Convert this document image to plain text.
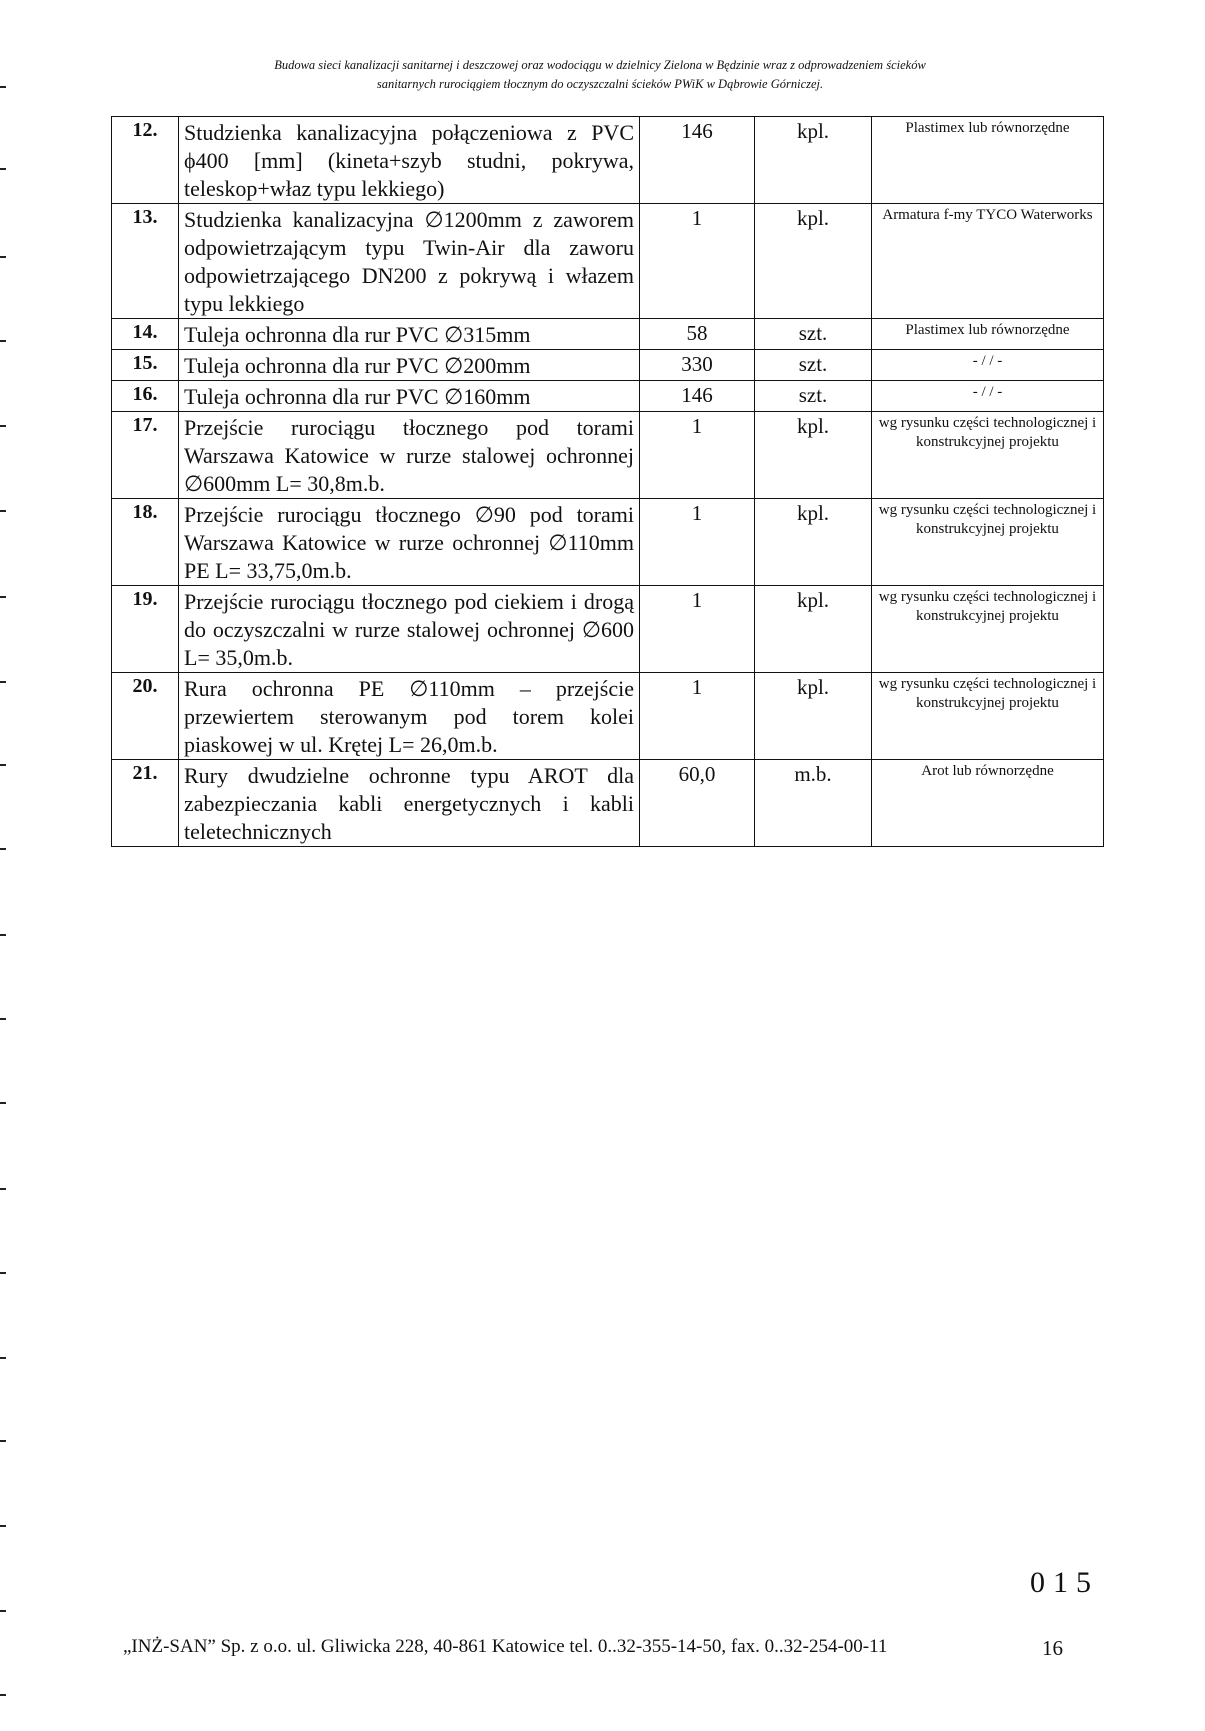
Budowa sieci kanalizacji sanitarnej i deszczowej oraz wodociągu w dzielnicy Zielona w Będzinie wraz z odprowadzeniem ścieków
sanitarnych rurociągiem tłocznym do oczyszczalni ścieków PWiK w Dąbrowie Górniczej.
12.	Studzienka kanalizacyjna połączeniowa z PVC ϕ400 [mm] (kineta+szyb studni, pokrywa, teleskop+właz typu lekkiego)	146	kpl.	Plastimex lub równorzędne
13.	Studzienka kanalizacyjna ∅1200mm z zaworem odpowietrzającym typu Twin-Air dla zaworu odpowietrzającego DN200 z pokrywą i włazem typu lekkiego	1	kpl.	Armatura f-my TYCO Waterworks
14.	Tuleja ochronna dla rur PVC ∅315mm	58	szt.	Plastimex lub równorzędne
15.	Tuleja ochronna dla rur PVC ∅200mm	330	szt.	- / / -
16.	Tuleja ochronna dla rur PVC ∅160mm	146	szt.	- / / -
17.	Przejście rurociągu tłocznego pod torami Warszawa Katowice w rurze stalowej ochronnej ∅600mm L= 30,8m.b.	1	kpl.	wg rysunku części technologicznej i konstrukcyjnej projektu
18.	Przejście rurociągu tłocznego ∅90 pod torami Warszawa Katowice w rurze ochronnej ∅110mm PE L= 33,75,0m.b.	1	kpl.	wg rysunku części technologicznej i konstrukcyjnej projektu
19.	Przejście rurociągu tłocznego pod ciekiem i drogą do oczyszczalni w rurze stalowej ochronnej ∅600 L= 35,0m.b.	1	kpl.	wg rysunku części technologicznej i konstrukcyjnej projektu
20.	Rura ochronna PE ∅110mm – przejście przewiertem sterowanym pod torem kolei piaskowej w ul. Krętej L= 26,0m.b.	1	kpl.	wg rysunku części technologicznej i konstrukcyjnej projektu
21.	Rury dwudzielne ochronne typu AROT dla zabezpieczania kabli energetycznych i kabli teletechnicznych	60,0	m.b.	Arot lub równorzędne
015
„INŻ-SAN” Sp. z o.o. ul. Gliwicka 228, 40-861 Katowice tel. 0..32-355-14-50, fax. 0..32-254-00-11	16
